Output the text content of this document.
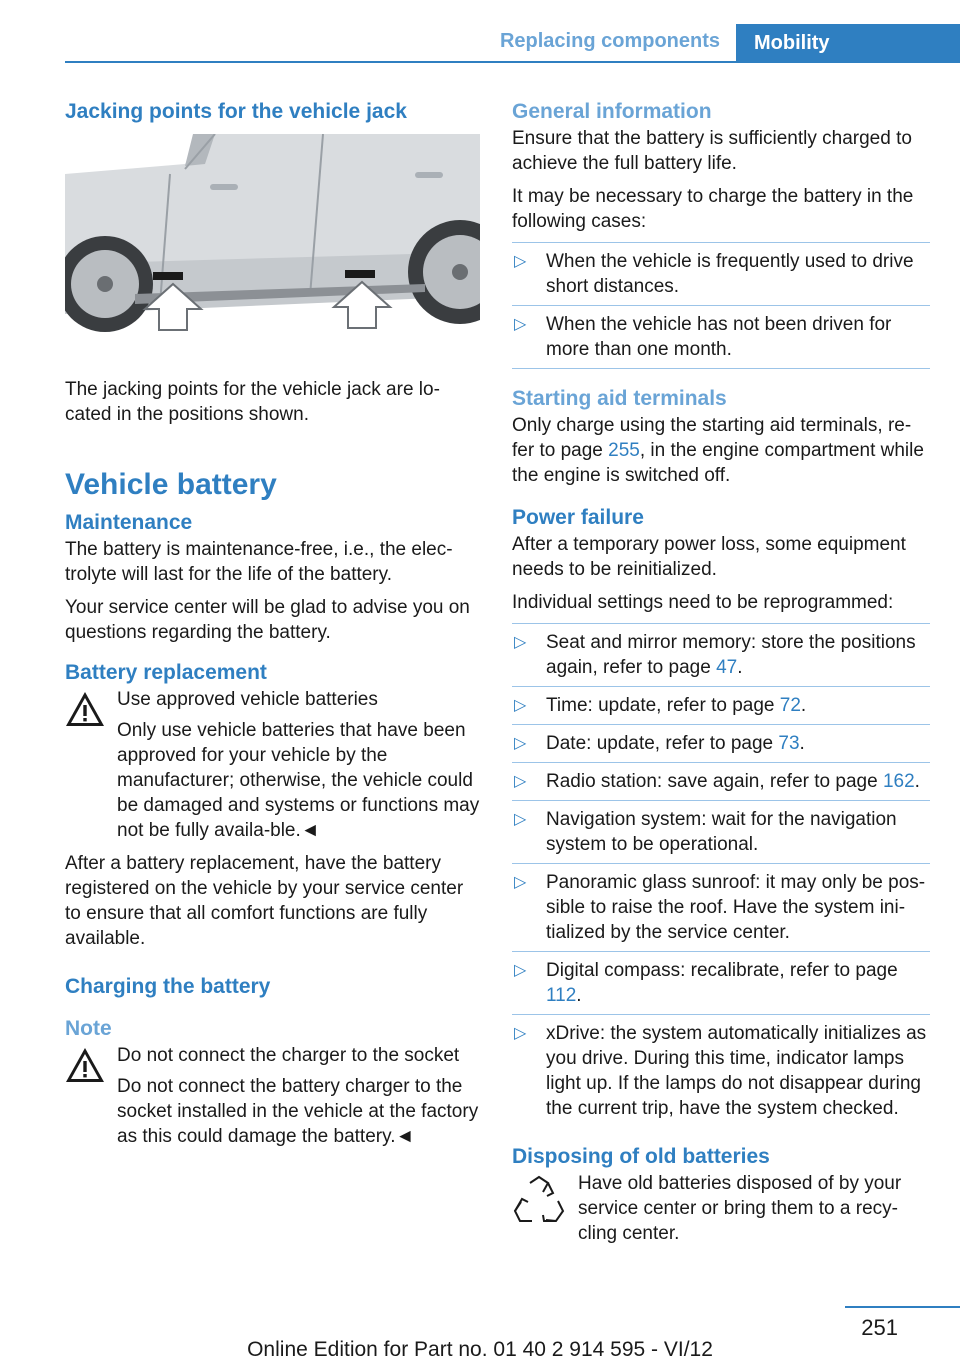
Replacing components	Mobility
Jacking points for the vehicle jack

The jacking points for the vehicle jack are lo-cated in the positions shown.

Vehicle battery
Maintenance

The battery is maintenance-free, i.e., the elec-trolyte will last for the life of the battery.

Your service center will be glad to advise you on questions regarding the battery.

Battery replacement
Use approved vehicle batteries

Only use vehicle batteries that have been approved for your vehicle by the manufacturer; otherwise, the vehicle could be damaged and systems or functions may not be fully availa-ble.◄

After a battery replacement, have the battery registered on the vehicle by your service center to ensure that all comfort functions are fully available.

Charging the battery
Note
Do not connect the charger to the socket

Do not connect the battery charger to the socket installed in the vehicle at the factory as this could damage the battery.◄

General information

Ensure that the battery is sufficiently charged to achieve the full battery life.

It may be necessary to charge the battery in the following cases:

▷ When the vehicle is frequently used to drive short distances.
▷ When the vehicle has not been driven for more than one month.
Starting aid terminals

Only charge using the starting aid terminals, re-fer to page 255, in the engine compartment while the engine is switched off.

Power failure

After a temporary power loss, some equipment needs to be reinitialized.

Individual settings need to be reprogrammed:

▷ Seat and mirror memory: store the positions again, refer to page 47.
▷ Time: update, refer to page 72.
▷ Date: update, refer to page 73.
▷ Radio station: save again, refer to page 162.
▷ Navigation system: wait for the navigation system to be operational.
▷ Panoramic glass sunroof: it may only be pos-sible to raise the roof. Have the system ini-tialized by the service center.
▷ Digital compass: recalibrate, refer to page 112.
▷ xDrive: the system automatically initializes as you drive. During this time, indicator lamps light up. If the lamps do not disappear during the current trip, have the system checked.
Disposing of old batteries

Have old batteries disposed of by your service center or bring them to a recy-cling center.

251
Online Edition for Part no. 01 40 2 914 595 - VI/12
